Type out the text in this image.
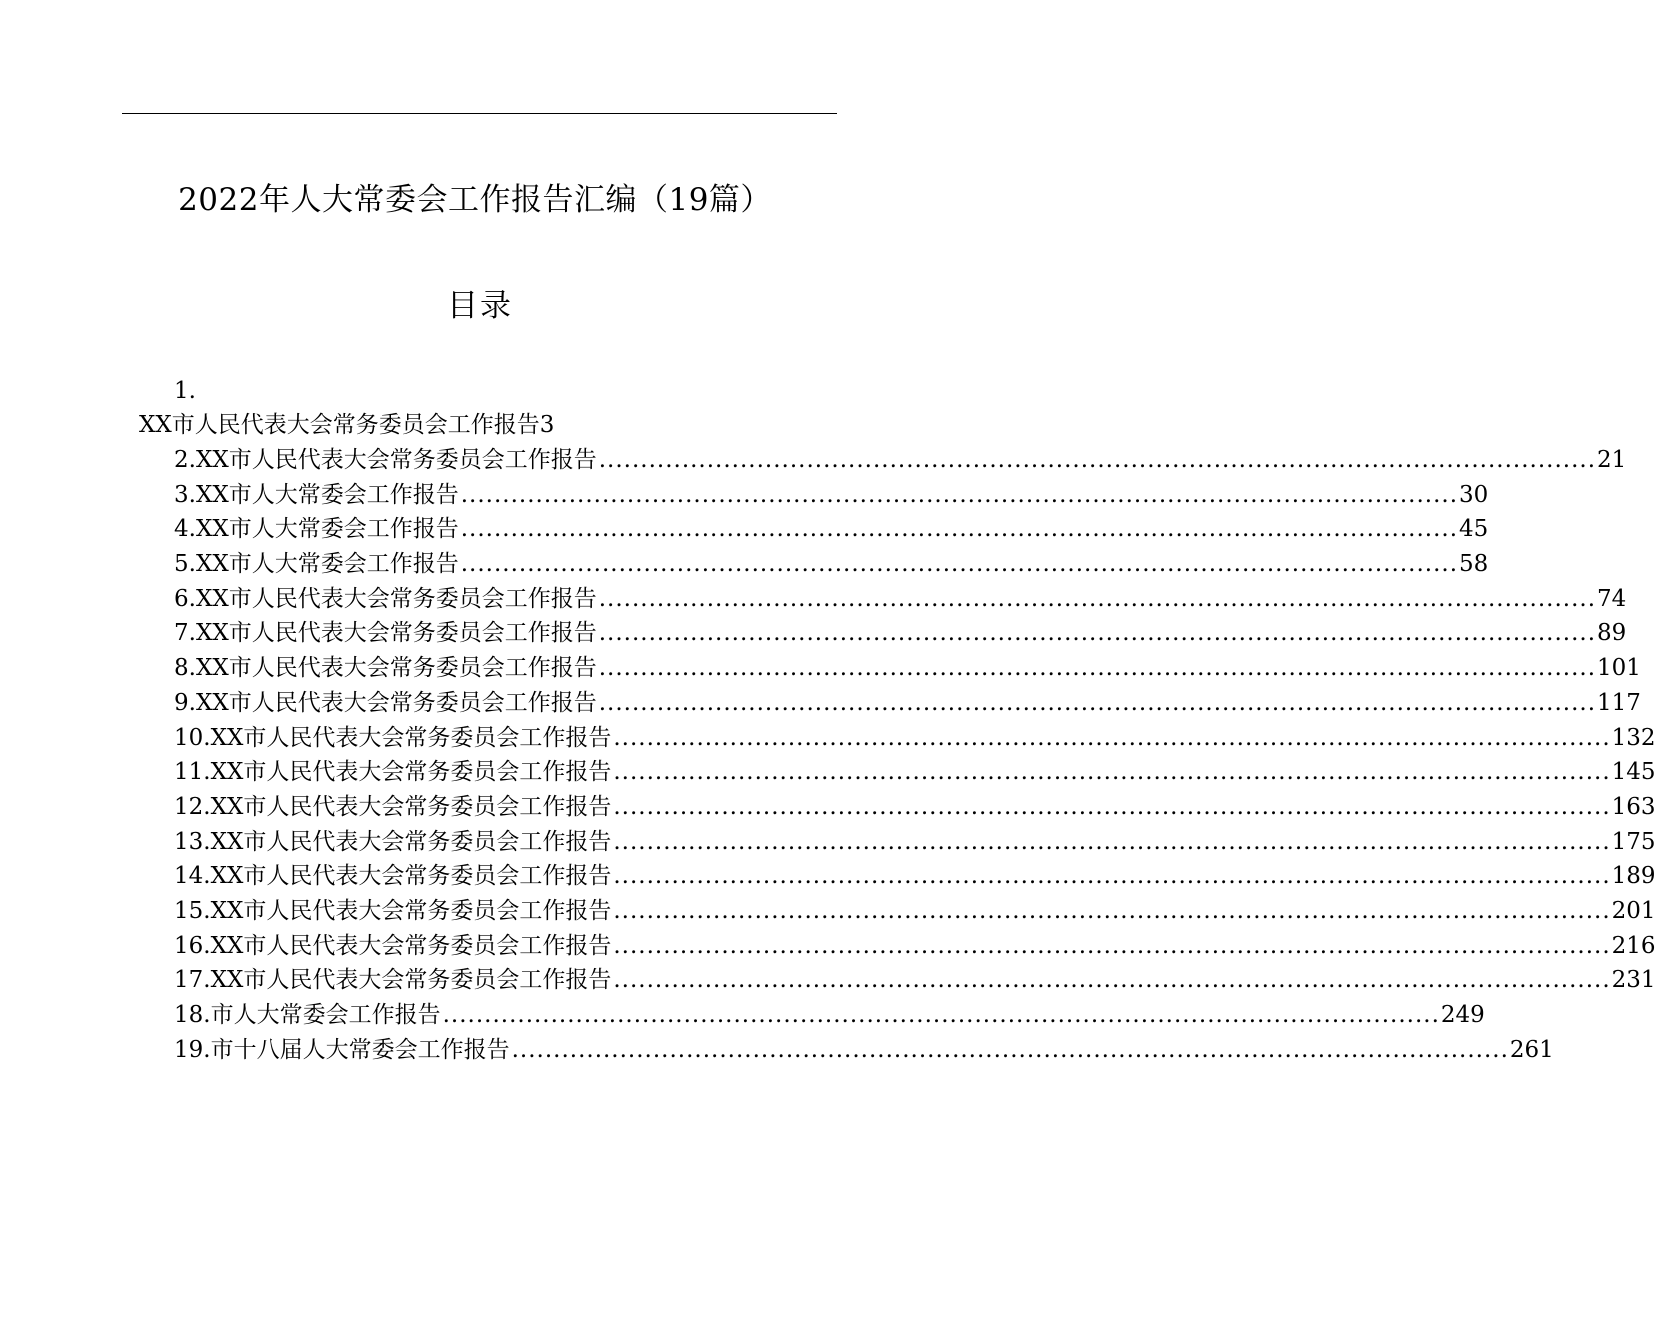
2022年人大常委会工作报告汇编（19篇）
目录
1.
XX市人民代表大会常务委员会工作报告3
2.XX市人民代表大会常务委员会工作报告 ........................................................................................................................ 21
3.XX市人大常委会工作报告 ........................................................................................................................ 30
4.XX市人大常委会工作报告 ........................................................................................................................ 45
5.XX市人大常委会工作报告 ........................................................................................................................ 58
6.XX市人民代表大会常务委员会工作报告 ........................................................................................................................ 74
7.XX市人民代表大会常务委员会工作报告 ........................................................................................................................ 89
8.XX市人民代表大会常务委员会工作报告 ........................................................................................................................ 101
9.XX市人民代表大会常务委员会工作报告 ........................................................................................................................ 117
10.XX市人民代表大会常务委员会工作报告 ........................................................................................................................ 132
11.XX市人民代表大会常务委员会工作报告 ........................................................................................................................ 145
12.XX市人民代表大会常务委员会工作报告 ........................................................................................................................ 163
13.XX市人民代表大会常务委员会工作报告 ........................................................................................................................ 175
14.XX市人民代表大会常务委员会工作报告 ........................................................................................................................ 189
15.XX市人民代表大会常务委员会工作报告 ........................................................................................................................ 201
16.XX市人民代表大会常务委员会工作报告 ........................................................................................................................ 216
17.XX市人民代表大会常务委员会工作报告 ........................................................................................................................ 231
18.市人大常委会工作报告 ........................................................................................................................ 249
19.市十八届人大常委会工作报告 ........................................................................................................................ 261
